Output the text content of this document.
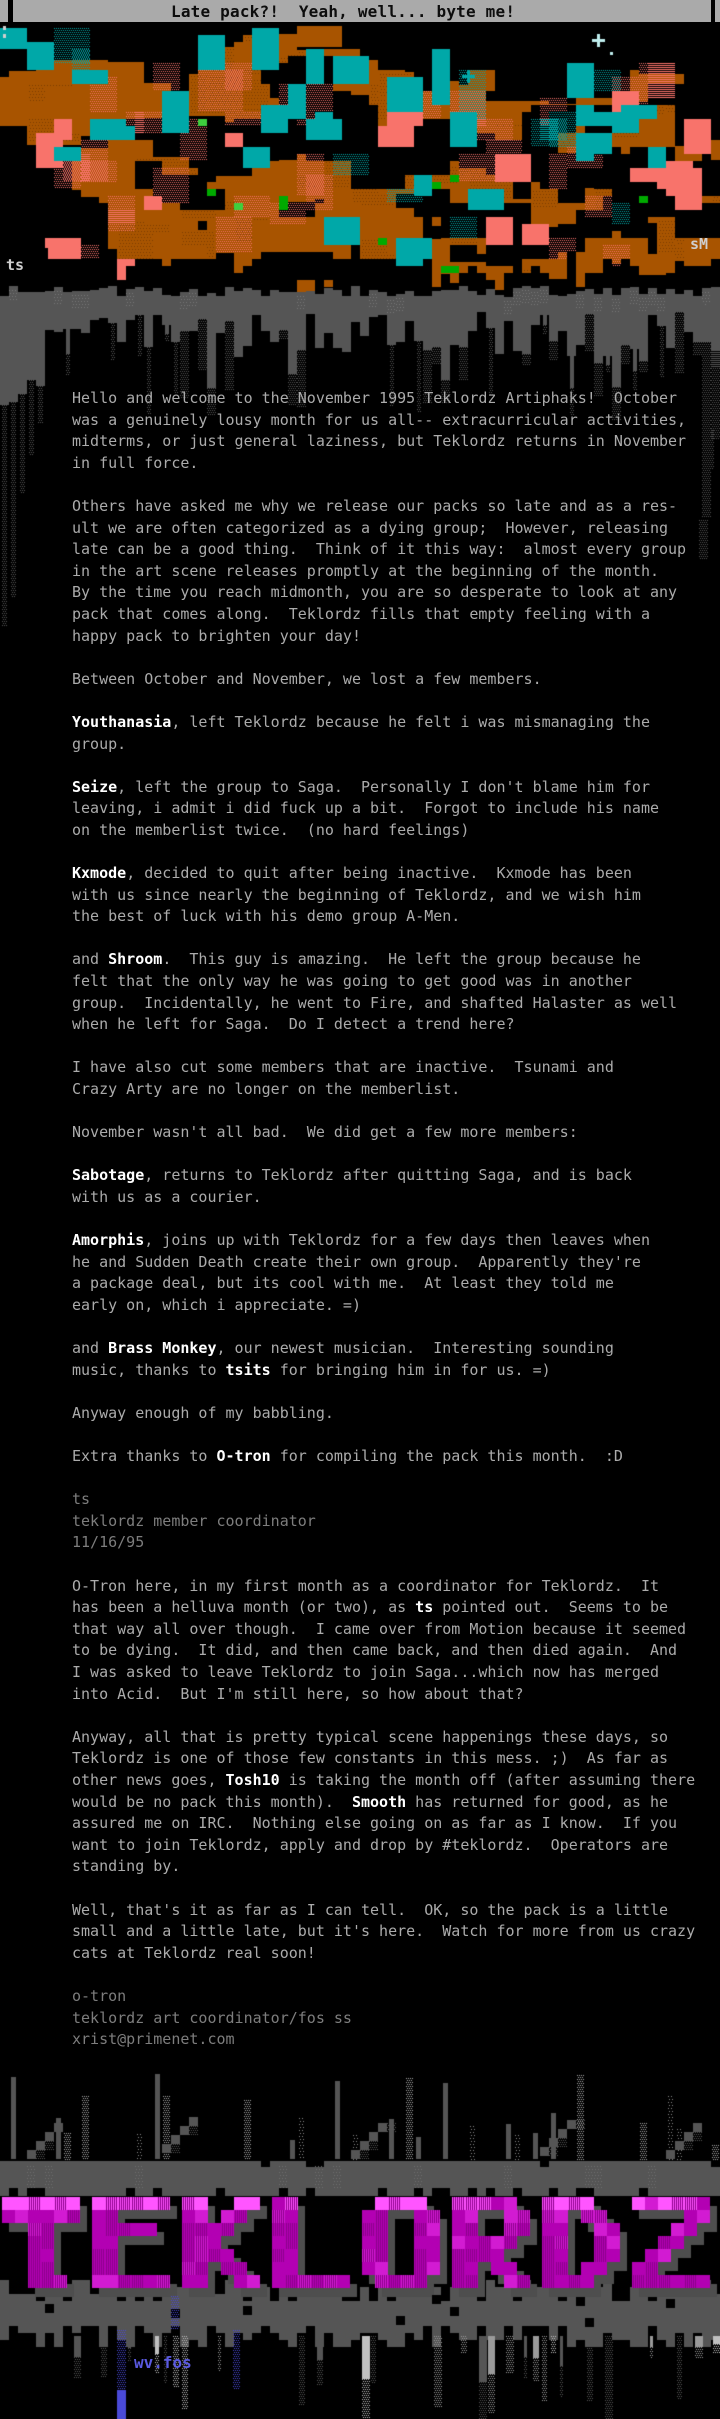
Late pack?!  Yeah, well... byte me!
ts
sM
wv.fos
Hello and welcome to the November 1995 Teklordz Artiphaks!  October
was a genuinely lousy month for us all-- extracurricular activities,
midterms, or just general laziness, but Teklordz returns in November
in full force.

Others have asked me why we release our packs so late and as a res-
ult we are often categorized as a dying group;  However, releasing
late can be a good thing.  Think of it this way:  almost every group
in the art scene releases promptly at the beginning of the month.
By the time you reach midmonth, you are so desperate to look at any
pack that comes along.  Teklordz fills that empty feeling with a
happy pack to brighten your day!

Between October and November, we lost a few members.

Youthanasia, left Teklordz because he felt i was mismanaging the
group.

Seize, left the group to Saga.  Personally I don't blame him for
leaving, i admit i did fuck up a bit.  Forgot to include his name
on the memberlist twice.  (no hard feelings)

Kxmode, decided to quit after being inactive.  Kxmode has been
with us since nearly the beginning of Teklordz, and we wish him
the best of luck with his demo group A-Men.

and Shroom.  This guy is amazing.  He left the group because he
felt that the only way he was going to get good was in another
group.  Incidentally, he went to Fire, and shafted Halaster as well
when he left for Saga.  Do I detect a trend here?

I have also cut some members that are inactive.  Tsunami and
Crazy Arty are no longer on the memberlist.

November wasn't all bad.  We did get a few more members:

Sabotage, returns to Teklordz after quitting Saga, and is back
with us as a courier.

Amorphis, joins up with Teklordz for a few days then leaves when
he and Sudden Death create their own group.  Apparently they're
a package deal, but its cool with me.  At least they told me
early on, which i appreciate. =)

and Brass Monkey, our newest musician.  Interesting sounding
music, thanks to tsits for bringing him in for us. =)

Anyway enough of my babbling.

Extra thanks to O-tron for compiling the pack this month.  :D

ts
teklordz member coordinator
11/16/95

O-Tron here, in my first month as a coordinator for Teklordz.  It
has been a helluva month (or two), as ts pointed out.  Seems to be
that way all over though.  I came over from Motion because it seemed
to be dying.  It did, and then came back, and then died again.  And
I was asked to leave Teklordz to join Saga...which now has merged
into Acid.  But I'm still here, so how about that?

Anyway, all that is pretty typical scene happenings these days, so
Teklordz is one of those few constants in this mess. ;)  As far as
other news goes, Tosh10 is taking the month off (after assuming there
would be no pack this month).  Smooth has returned for good, as he
assured me on IRC.  Nothing else going on as far as I know.  If you
want to join Teklordz, apply and drop by #teklordz.  Operators are
standing by.

Well, that's it as far as I can tell.  OK, so the pack is a little
small and a little late, but it's here.  Watch for more from us crazy
cats at Teklordz real soon!

o-tron
teklordz art coordinator/fos ss
xrist@primenet.com
